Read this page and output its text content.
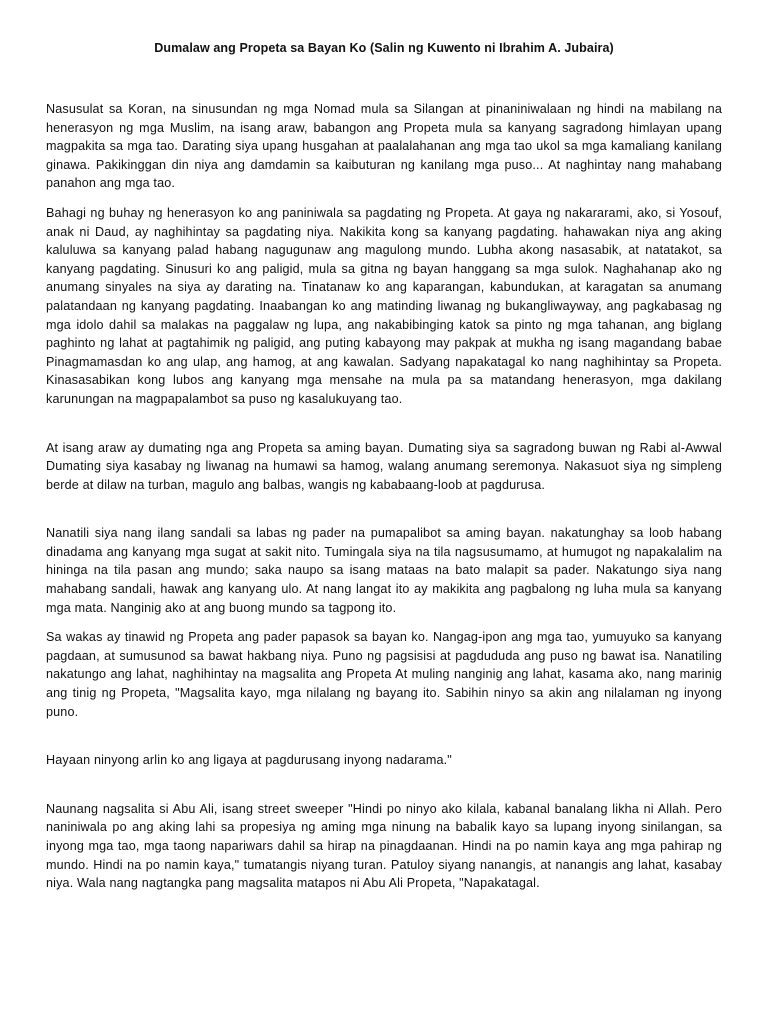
Dumalaw ang Propeta sa Bayan Ko (Salin ng Kuwento ni Ibrahim A. Jubaira)

Nasusulat sa Koran, na sinusundan ng mga Nomad mula sa Silangan at pinaniniwalaan ng hindi na mabilang na henerasyon ng mga Muslim, na isang araw, babangon ang Propeta mula sa kanyang sagradong himlayan upang magpakita sa mga tao. Darating siya upang husgahan at paalalahanan ang mga tao ukol sa mga kamaliang kanilang ginawa. Pakikinggan din niya ang damdamin sa kaibuturan ng kanilang mga puso... At naghintay nang mahabang panahon ang mga tao.

Bahagi ng buhay ng henerasyon ko ang paniniwala sa pagdating ng Propeta. At gaya ng nakararami, ako, si Yosouf, anak ni Daud, ay naghihintay sa pagdating niya. Nakikita kong sa kanyang pagdating. hahawakan niya ang aking kaluluwa sa kanyang palad habang nagugunaw ang magulong mundo. Lubha akong nasasabik, at natatakot, sa kanyang pagdating. Sinusuri ko ang paligid, mula sa gitna ng bayan hanggang sa mga sulok. Naghahanap ako ng anumang sinyales na siya ay darating na. Tinatanaw ko ang kaparangan, kabundukan, at karagatan sa anumang palatandaan ng kanyang pagdating. Inaabangan ko ang matinding liwanag ng bukangliwayway, ang pagkabasag ng mga idolo dahil sa malakas na paggalaw ng lupa, ang nakabibinging katok sa pinto ng mga tahanan, ang biglang paghinto ng lahat at pagtahimik ng paligid, ang puting kabayong may pakpak at mukha ng isang magandang babae Pinagmamasdan ko ang ulap, ang hamog, at ang kawalan. Sadyang napakatagal ko nang naghihintay sa Propeta. Kinasasabikan kong lubos ang kanyang mga mensahe na mula pa sa matandang henerasyon, mga dakilang karunungan na magpapalambot sa puso ng kasalukuyang tao.

At isang araw ay dumating nga ang Propeta sa aming bayan. Dumating siya sa sagradong buwan ng Rabi al-Awwal Dumating siya kasabay ng liwanag na humawi sa hamog, walang anumang seremonya. Nakasuot siya ng simpleng berde at dilaw na turban, magulo ang balbas, wangis ng kababaang-loob at pagdurusa.

Nanatili siya nang ilang sandali sa labas ng pader na pumapalibot sa aming bayan. nakatunghay sa loob habang dinadama ang kanyang mga sugat at sakit nito. Tumingala siya na tila nagsusumamo, at humugot ng napakalalim na hininga na tila pasan ang mundo; saka naupo sa isang mataas na bato malapit sa pader. Nakatungo siya nang mahabang sandali, hawak ang kanyang ulo. At nang langat ito ay makikita ang pagbalong ng luha mula sa kanyang mga mata. Nanginig ako at ang buong mundo sa tagpong ito.

Sa wakas ay tinawid ng Propeta ang pader papasok sa bayan ko. Nangag-ipon ang mga tao, yumuyuko sa kanyang pagdaan, at sumusunod sa bawat hakbang niya. Puno ng pagsisisi at pagdududa ang puso ng bawat isa. Nanatiling nakatungo ang lahat, naghihintay na magsalita ang Propeta At muling nanginig ang lahat, kasama ako, nang marinig ang tinig ng Propeta, "Magsalita kayo, mga nilalang ng bayang ito. Sabihin ninyo sa akin ang nilalaman ng inyong puno.

Hayaan ninyong arlin ko ang ligaya at pagdurusang inyong nadarama."

Naunang nagsalita si Abu Ali, isang street sweeper "Hindi po ninyo ako kilala, kabanal banalang likha ni Allah. Pero naniniwala po ang aking lahi sa propesiya ng aming mga ninung na babalik kayo sa lupang inyong sinilangan, sa inyong mga tao, mga taong napariwars dahil sa hirap na pinagdaanan. Hindi na po namin kaya ang mga pahirap ng mundo. Hindi na po namin kaya," tumatangis niyang turan. Patuloy siyang nanangis, at nanangis ang lahat, kasabay niya. Wala nang nagtangka pang magsalita matapos ni Abu Ali Propeta, "Napakatagal.
